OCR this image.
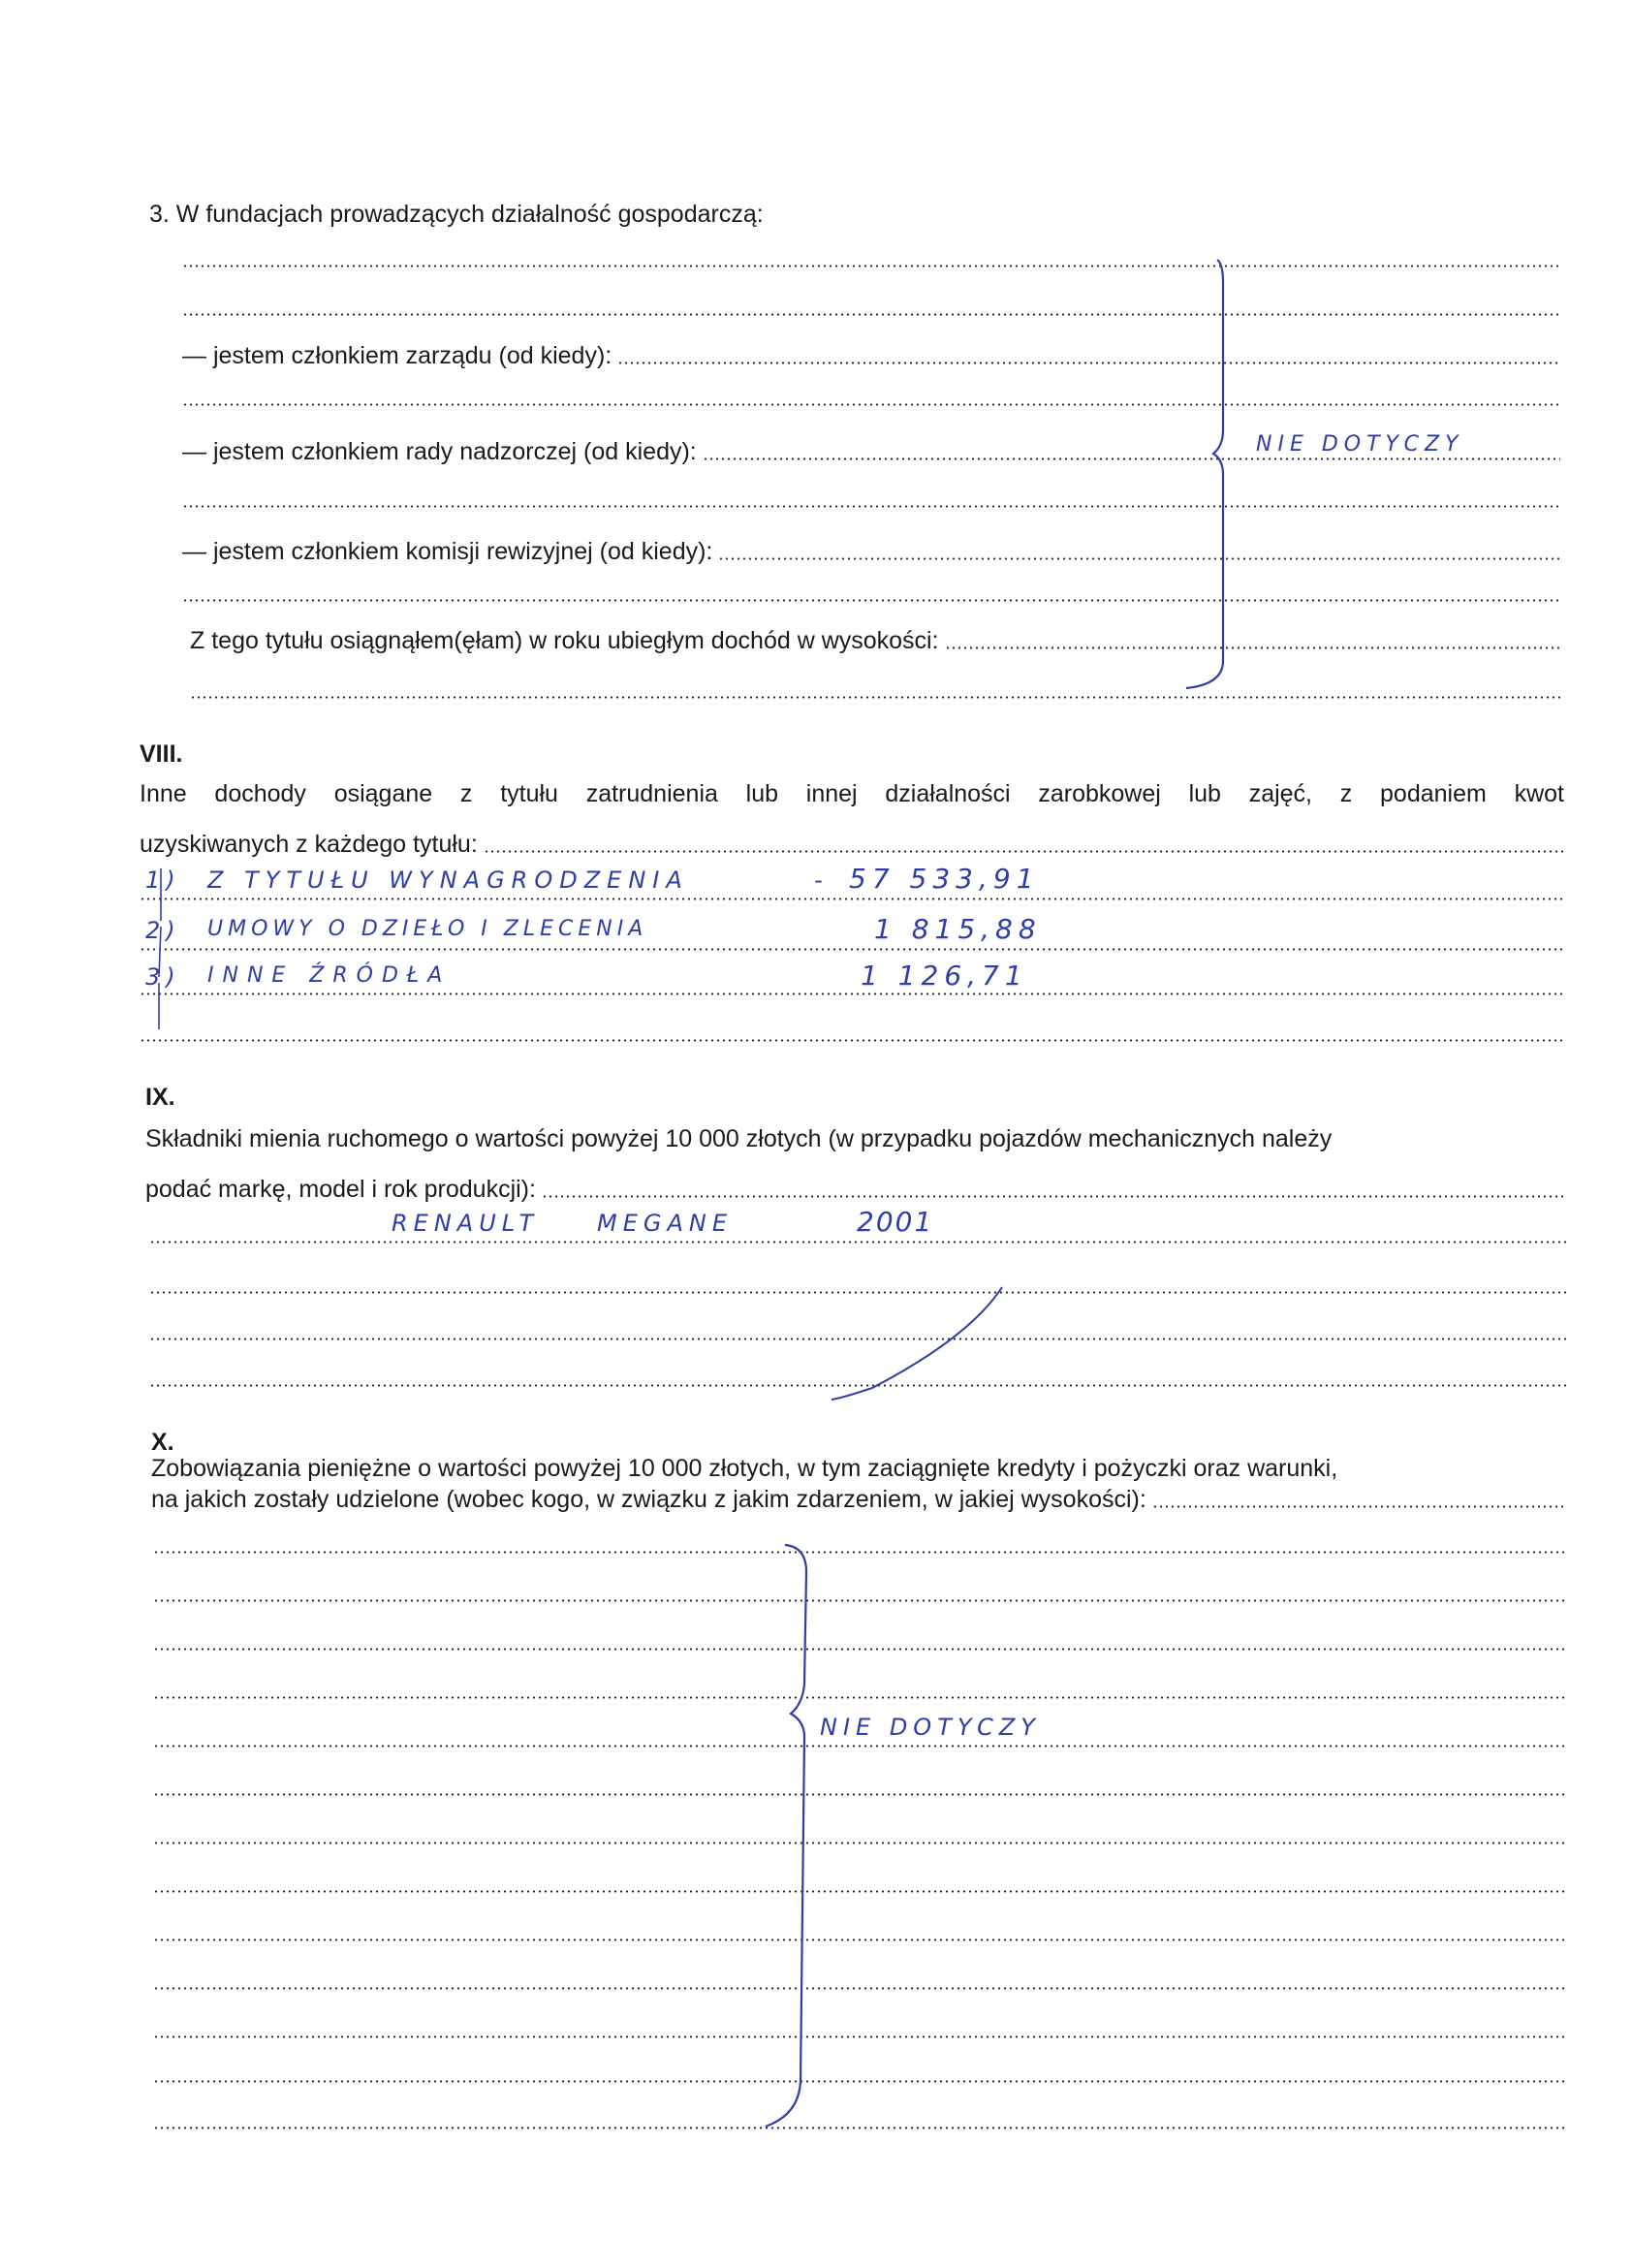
3. W fundacjach prowadzących działalność gospodarczą:
— jestem członkiem zarządu (od kiedy):
— jestem członkiem rady nadzorczej (od kiedy):
— jestem członkiem komisji rewizyjnej (od kiedy):
Z tego tytułu osiągnąłem(ęłam) w roku ubiegłym dochód w wysokości:
NIE DOTYCZY
VIII.
Inne dochody osiągane z tytułu zatrudnienia lub innej działalności zarobkowej lub zajęć, z podaniem kwot
uzyskiwanych z każdego tytułu:
1) Z TYTUŁU WYNAGRODZENIA	- 57 533,91
2) UMOWY O DZIEŁO I ZLECENIA	1 815,88
3) INNE ŹRÓDŁA	1 126,71
IX.
Składniki mienia ruchomego o wartości powyżej 10 000 złotych (w przypadku pojazdów mechanicznych należy
podać markę, model i rok produkcji):
RENAULT MEGANE	2001
X.
Zobowiązania pieniężne o wartości powyżej 10 000 złotych, w tym zaciągnięte kredyty i pożyczki oraz warunki,
na jakich zostały udzielone (wobec kogo, w związku z jakim zdarzeniem, w jakiej wysokości):
NIE DOTYCZY
